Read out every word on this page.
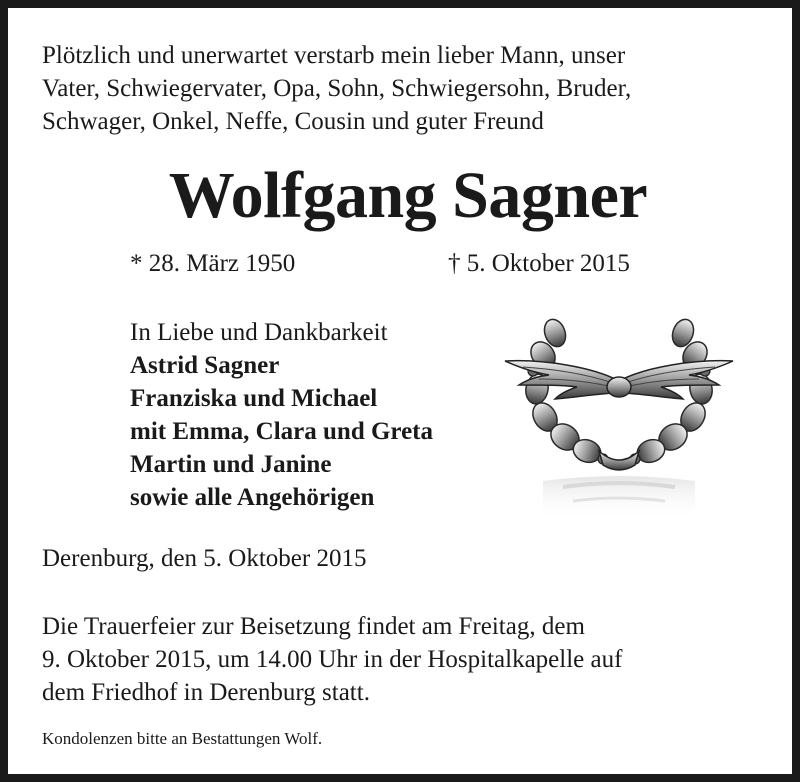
Plötzlich und unerwartet verstarb mein lieber Mann, unser
Vater, Schwiegervater, Opa, Sohn, Schwiegersohn, Bruder,
Schwager, Onkel, Neffe, Cousin und guter Freund
Wolfgang Sagner
* 28. März 1950	† 5. Oktober 2015
In Liebe und Dankbarkeit
Astrid Sagner
Franziska und Michael
mit Emma, Clara und Greta
Martin und Janine
sowie alle Angehörigen
Derenburg, den 5. Oktober 2015
Die Trauerfeier zur Beisetzung findet am Freitag, dem
9. Oktober 2015, um 14.00 Uhr in der Hospitalkapelle auf
dem Friedhof in Derenburg statt.
Kondolenzen bitte an Bestattungen Wolf.
